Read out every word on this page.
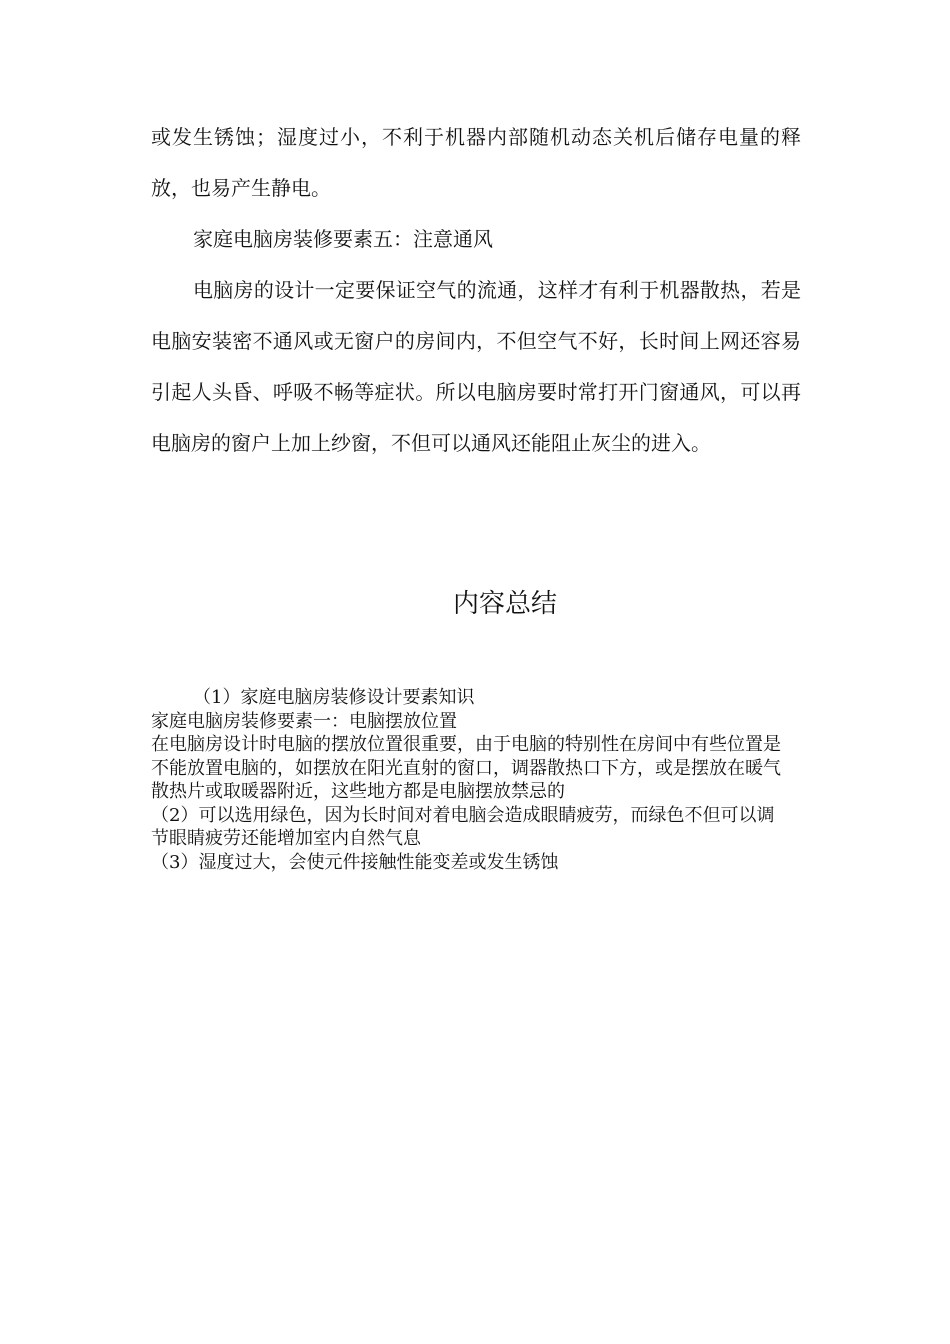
或发生锈蚀；湿度过小，不利于机器内部随机动态关机后储存电量的释放，也易产生静电。

家庭电脑房装修要素五：注意通风

电脑房的设计一定要保证空气的流通，这样才有利于机器散热，若是电脑安装密不通风或无窗户的房间内，不但空气不好，长时间上网还容易引起人头昏、呼吸不畅等症状。所以电脑房要时常打开门窗通风，可以再电脑房的窗户上加上纱窗，不但可以通风还能阻止灰尘的进入。

内容总结
（1）家庭电脑房装修设计要素知识
家庭电脑房装修要素一：电脑摆放位置
在电脑房设计时电脑的摆放位置很重要，由于电脑的特别性在房间中有些位置是不能放置电脑的，如摆放在阳光直射的窗口，调器散热口下方，或是摆放在暖气散热片或取暖器附近，这些地方都是电脑摆放禁忌的
（2）可以选用绿色，因为长时间对着电脑会造成眼睛疲劳，而绿色不但可以调节眼睛疲劳还能增加室内自然气息
（3）湿度过大，会使元件接触性能变差或发生锈蚀
